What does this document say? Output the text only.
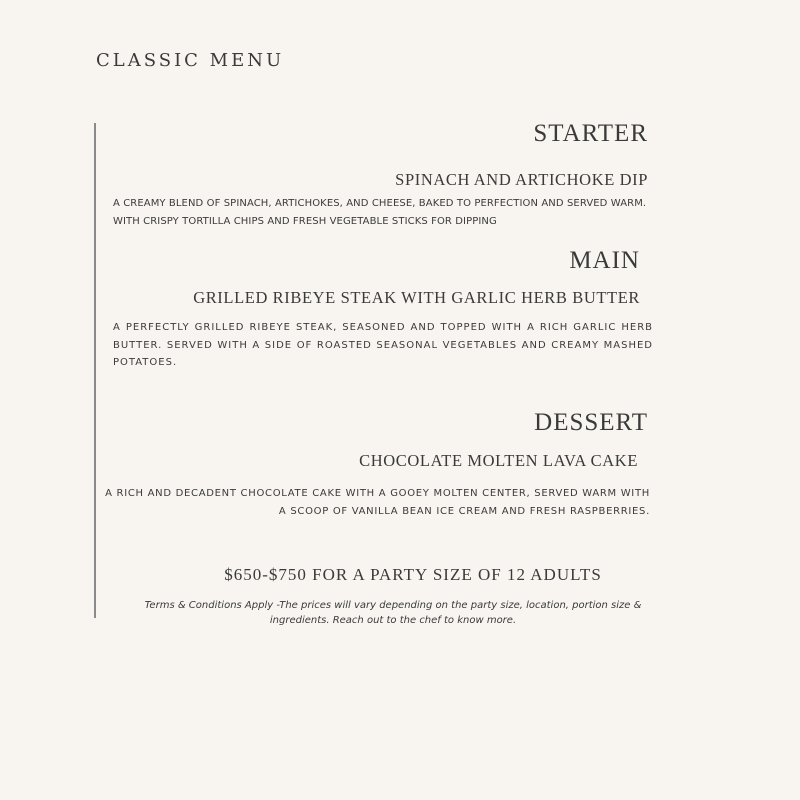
CLASSIC MENU
STARTER
SPINACH AND ARTICHOKE DIP

A CREAMY BLEND OF SPINACH, ARTICHOKES, AND CHEESE, BAKED TO PERFECTION AND SERVED WARM. WITH CRISPY TORTILLA CHIPS AND FRESH VEGETABLE STICKS FOR DIPPING

MAIN
GRILLED RIBEYE STEAK WITH GARLIC HERB BUTTER

A PERFECTLY GRILLED RIBEYE STEAK, SEASONED AND TOPPED WITH A RICH GARLIC HERB BUTTER. SERVED WITH A SIDE OF ROASTED SEASONAL VEGETABLES AND CREAMY MASHED POTATOES.

DESSERT
CHOCOLATE MOLTEN LAVA CAKE

A RICH AND DECADENT CHOCOLATE CAKE WITH A GOOEY MOLTEN CENTER, SERVED WARM WITH A SCOOP OF VANILLA BEAN ICE CREAM AND FRESH RASPBERRIES.

$650-$750 FOR A PARTY SIZE OF 12 ADULTS

Terms & Conditions Apply -The prices will vary depending on the party size, location, portion size & ingredients. Reach out to the chef to know more.
